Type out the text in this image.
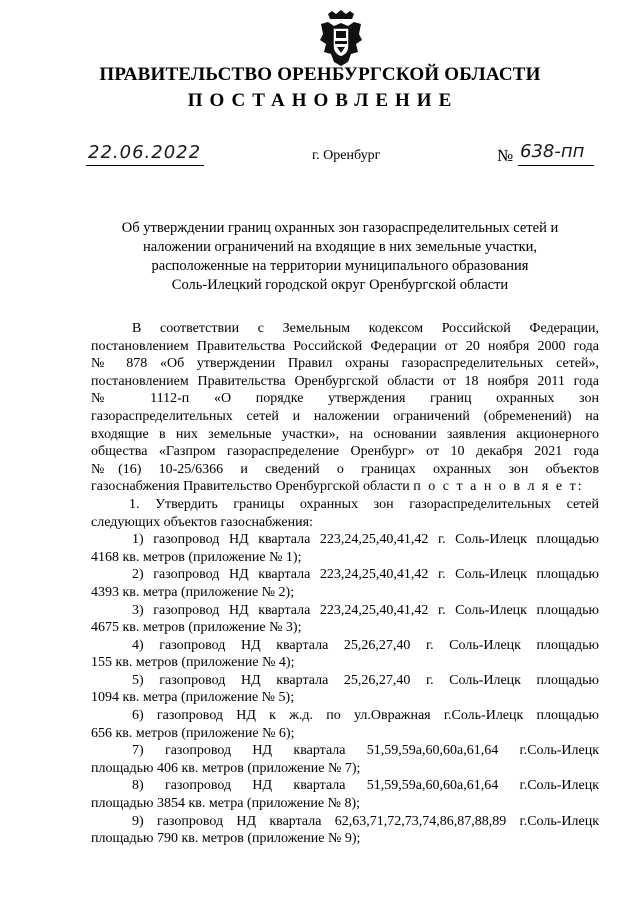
ПРАВИТЕЛЬСТВО ОРЕНБУРГСКОЙ ОБЛАСТИ
ПОСТАНОВЛЕНИЕ
22.06.2022	г. Оренбург	№ 638-пп
Об утверждении границ охранных зон газораспределительных сетей и
наложении ограничений на входящие в них земельные участки,
расположенные на территории муниципального образования
Соль-Илецкий городской округ Оренбургской области
В соответствии с Земельным кодексом Российской Федерации,
постановлением Правительства Российской Федерации от 20 ноября 2000 года
№ 878 «Об утверждении Правил охраны газораспределительных сетей»,
постановлением Правительства Оренбургской области от 18 ноября 2011 года
№ 1112-п «О порядке утверждения границ охранных зон
газораспределительных сетей и наложении ограничений (обременений) на
входящие в них земельные участки», на основании заявления акционерного
общества «Газпром газораспределение Оренбург» от 10 декабря 2021 года
№(16) 10-25/6366 и сведений о границах охранных зон объектов
газоснабжения Правительство Оренбургской области п о с т а н о в л я е т:
1. Утвердить границы охранных зон газораспределительных сетей
следующих объектов газоснабжения:
1) газопровод НД квартала 223,24,25,40,41,42 г. Соль-Илецк площадью
4168 кв. метров (приложение № 1);
2) газопровод НД квартала 223,24,25,40,41,42 г. Соль-Илецк площадью
4393 кв. метра (приложение № 2);
3) газопровод НД квартала 223,24,25,40,41,42 г. Соль-Илецк площадью
4675 кв. метров (приложение № 3);
4) газопровод НД квартала 25,26,27,40 г. Соль-Илецк площадью
155 кв. метров (приложение № 4);
5) газопровод НД квартала 25,26,27,40 г. Соль-Илецк площадью
1094 кв. метра (приложение № 5);
6) газопровод НД к ж.д. по ул.Овражная г.Соль-Илецк площадью
656 кв. метров (приложение № 6);
7) газопровод НД квартала 51,59,59а,60,60а,61,64 г.Соль-Илецк
площадью 406 кв. метров (приложение № 7);
8) газопровод НД квартала 51,59,59а,60,60а,61,64 г.Соль-Илецк
площадью 3854 кв. метра (приложение № 8);
9) газопровод НД квартала 62,63,71,72,73,74,86,87,88,89 г.Соль-Илецк
площадью 790 кв. метров (приложение № 9);
